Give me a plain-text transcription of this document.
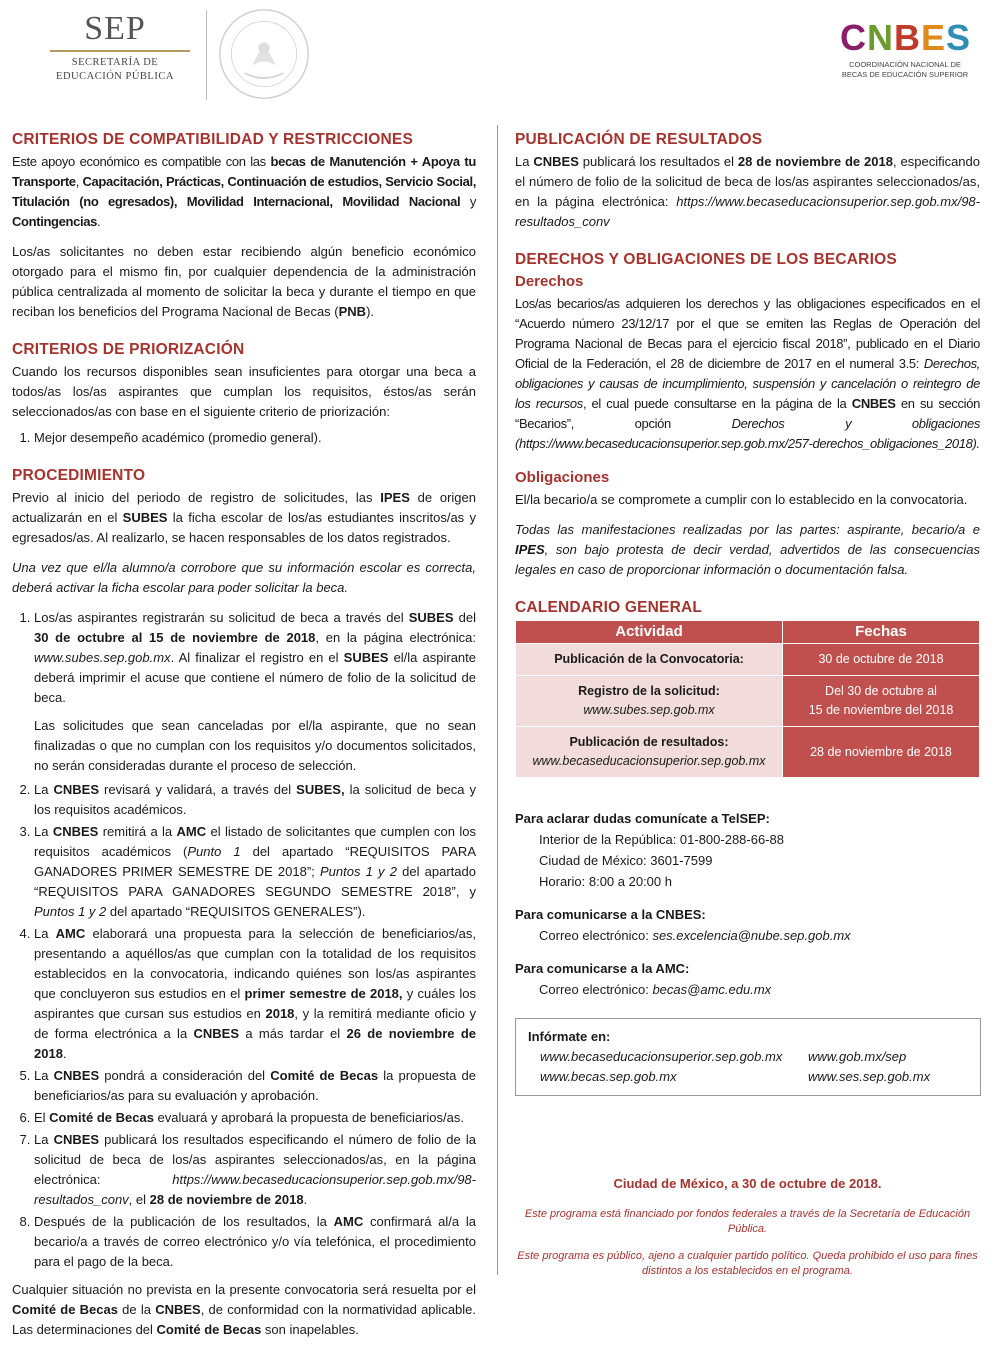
SEP
SECRETARÍA DE
EDUCACIÓN PÚBLICA
CNBES
COORDINACIÓN NACIONAL DE
BECAS DE EDUCACIÓN SUPERIOR
CRITERIOS DE COMPATIBILIDAD Y RESTRICCIONES

Este apoyo económico es compatible con las becas de Manutención + Apoya tu Transporte, Capacitación, Prácticas, Continuación de estudios, Servicio Social, Titulación (no egresados), Movilidad Internacional, Movilidad Nacional y Contingencias.

Los/as solicitantes no deben estar recibiendo algún beneficio económico otorgado para el mismo fin, por cualquier dependencia de la administración pública centralizada al momento de solicitar la beca y durante el tiempo en que reciban los beneficios del Programa Nacional de Becas (PNB).

CRITERIOS DE PRIORIZACIÓN

Cuando los recursos disponibles sean insuficientes para otorgar una beca a todos/as los/as aspirantes que cumplan los requisitos, éstos/as serán seleccionados/as con base en el siguiente criterio de priorización:

1. Mejor desempeño académico (promedio general).
PROCEDIMIENTO

Previo al inicio del periodo de registro de solicitudes, las IPES de origen actualizarán en el SUBES la ficha escolar de los/as estudiantes inscritos/as y egresados/as. Al realizarlo, se hacen responsables de los datos registrados.

Una vez que el/la alumno/a corrobore que su información escolar es correcta, deberá activar la ficha escolar para poder solicitar la beca.

1. Los/as aspirantes registrarán su solicitud de beca a través del SUBES del 30 de octubre al 15 de noviembre de 2018, en la página electrónica: www.subes.sep.gob.mx. Al finalizar el registro en el SUBES el/la aspirante deberá imprimir el acuse que contiene el número de folio de la solicitud de beca.

Las solicitudes que sean canceladas por el/la aspirante, que no sean finalizadas o que no cumplan con los requisitos y/o documentos solicitados, no serán consideradas durante el proceso de selección.

2. La CNBES revisará y validará, a través del SUBES, la solicitud de beca y los requisitos académicos.
3. La CNBES remitirá a la AMC el listado de solicitantes que cumplen con los requisitos académicos (Punto 1 del apartado “REQUISITOS PARA GANADORES PRIMER SEMESTRE DE 2018”; Puntos 1 y 2 del apartado “REQUISITOS PARA GANADORES SEGUNDO SEMESTRE 2018”, y Puntos 1 y 2 del apartado “REQUISITOS GENERALES”).
4. La AMC elaborará una propuesta para la selección de beneficiarios/as, presentando a aquéllos/as que cumplan con la totalidad de los requisitos establecidos en la convocatoria, indicando quiénes son los/as aspirantes que concluyeron sus estudios en el primer semestre de 2018, y cuáles los aspirantes que cursan sus estudios en 2018, y la remitirá mediante oficio y de forma electrónica a la CNBES a más tardar el 26 de noviembre de 2018.
5. La CNBES pondrá a consideración del Comité de Becas la propuesta de beneficiarios/as para su evaluación y aprobación.
6. El Comité de Becas evaluará y aprobará la propuesta de beneficiarios/as.
7. La CNBES publicará los resultados especificando el número de folio de la solicitud de beca de los/as aspirantes seleccionados/as, en la página electrónica: https://www.becaseducacionsuperior.sep.gob.mx/98-resultados_conv, el 28 de noviembre de 2018.
8. Después de la publicación de los resultados, la AMC confirmará al/a la becario/a a través de correo electrónico y/o vía telefónica, el procedimiento para el pago de la beca.

Cualquier situación no prevista en la presente convocatoria será resuelta por el Comité de Becas de la CNBES, de conformidad con la normatividad aplicable. Las determinaciones del Comité de Becas son inapelables.

PUBLICACIÓN DE RESULTADOS

La CNBES publicará los resultados el 28 de noviembre de 2018, especificando el número de folio de la solicitud de beca de los/as aspirantes seleccionados/as, en la página electrónica: https://www.becaseducacionsuperior.sep.gob.mx/98-resultados_conv

DERECHOS Y OBLIGACIONES DE LOS BECARIOS
Derechos

Los/as becarios/as adquieren los derechos y las obligaciones especificados en el “Acuerdo número 23/12/17 por el que se emiten las Reglas de Operación del Programa Nacional de Becas para el ejercicio fiscal 2018”, publicado en el Diario Oficial de la Federación, el 28 de diciembre de 2017 en el numeral 3.5: Derechos, obligaciones y causas de incumplimiento, suspensión y cancelación o reintegro de los recursos, el cual puede consultarse en la página de la CNBES en su sección “Becarios”, opción Derechos y obligaciones (https://www.becaseducacionsuperior.sep.gob.mx/257-derechos_obligaciones_2018).

Obligaciones

El/la becario/a se compromete a cumplir con lo establecido en la convocatoria.

Todas las manifestaciones realizadas por las partes: aspirante, becario/a e IPES, son bajo protesta de decir verdad, advertidos de las consecuencias legales en caso de proporcionar información o documentación falsa.

CALENDARIO GENERAL
Actividad	Fechas
Publicación de la Convocatoria:	30 de octubre de 2018
Registro de la solicitud:
www.subes.sep.gob.mx	Del 30 de octubre al
15 de noviembre del 2018
Publicación de resultados:
www.becaseducacionsuperior.sep.gob.mx	28 de noviembre de 2018
Para aclarar dudas comunícate a TelSEP:
Interior de la República: 01-800-288-66-88
Ciudad de México: 3601-7599
Horario: 8:00 a 20:00 h
Para comunicarse a la CNBES:
Correo electrónico: ses.excelencia@nube.sep.gob.mx
Para comunicarse a la AMC:
Correo electrónico: becas@amc.edu.mx
Infórmate en:
www.becaseducacionsuperior.sep.gob.mx	www.gob.mx/sep
www.becas.sep.gob.mx	www.ses.sep.gob.mx
Ciudad de México, a 30 de octubre de 2018.

Este programa está financiado por fondos federales a través de la Secretaría de Educación Pública.

Este programa es público, ajeno a cualquier partido político. Queda prohibido el uso para fines distintos a los establecidos en el programa.
